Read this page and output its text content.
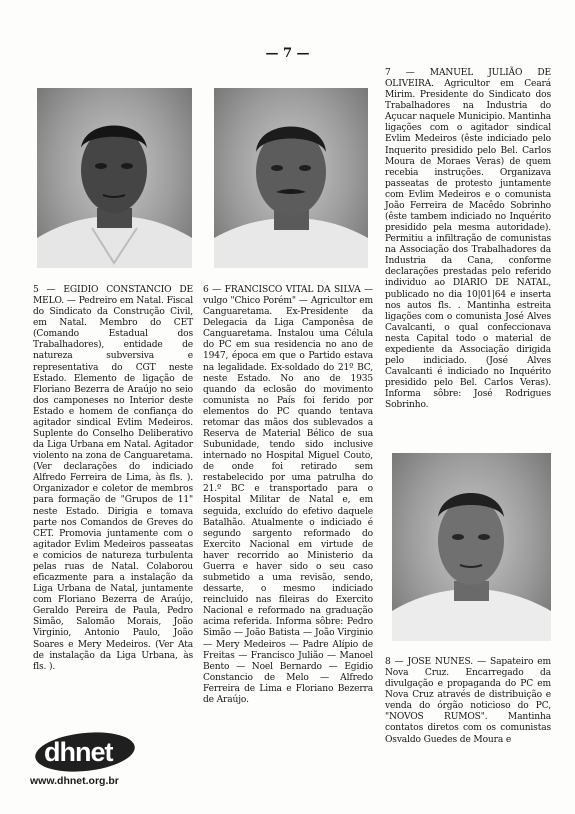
— 7 —

5 — EGIDIO CONSTANCIO DE MELO. — Pedreiro em Natal. Fiscal do Sindicato da Construção Civil, em Natal. Membro do CET (Comando Estadual dos Trabalhadores), entidade de natureza subversiva e representativa do CGT neste Estado. Elemento de ligação de Floriano Bezerra de Araújo no seio dos camponeses no Interior deste Estado e homem de confiança do agitador sindical Evlim Medeiros. Suplente do Conselho Deliberativo da Liga Urbana em Natal. Agitador violento na zona de Canguaretama. (Ver declarações do indiciado Alfredo Ferreira de Lima, às fls. ). Organizador e coletor de membros para formação de "Grupos de 11" neste Estado. Dirigia e tomava parte nos Comandos de Greves do CET. Promovia juntamente com o agitador Evlim Medeiros passeatas e comicios de natureza turbulenta pelas ruas de Natal. Colaborou eficazmente para a instalação da Liga Urbana de Natal, juntamente com Floriano Bezerra de Araújo, Geraldo Pereira de Paula, Pedro Simão, Salomão Morais, João Virginio, Antonio Paulo, João Soares e Mery Medeiros. (Ver Ata de instalação da Liga Urbana, às fls. ).

6 — FRANCISCO VITAL DA SILVA — vulgo "Chico Porém" — Agricultor em Canguaretama. Ex-Presidente da Delegacia da Liga Camponêsa de Canguaretama. Instalou uma Célula do PC em sua residencia no ano de 1947, época em que o Partido estava na legalidade. Ex-soldado do 21º BC, neste Estado. No ano de 1935 quando da eclosão do movimento comunista no País foi ferido por elementos do PC quando tentava retomar das mãos dos sublevados a Reserva de Material Bélico de sua Subunidade, tendo sido inclusive internado no Hospital Miguel Couto, de onde foi retirado sem restabelecido por uma patrulha do 21.º BC e transportado para o Hospital Militar de Natal e, em seguida, excluído do efetivo daquele Batalhão. Atualmente o indiciado é segundo sargento reformado do Exercito Nacional em virtude de haver recorrido ao Ministerio da Guerra e haver sido o seu caso submetido a uma revisão, sendo, dessarte, o mesmo indiciado reincluido nas fileiras do Exercito Nacional e reformado na graduação acima referida. Informa sôbre: Pedro Simão — João Batista — João Virginio — Mery Medeiros — Padre Alípio de Freitas — Francisco Julião — Manoel Bento — Noel Bernardo — Egidio Constancio de Melo — Alfredo Ferreira de Lima e Floriano Bezerra de Araújo.

7 — MANUEL JULIÃO DE OLIVEIRA. Agricultor em Ceará Mirim. Presidente do Sindicato dos Trabalhadores na Industria do Açucar naquele Municipio. Mantinha ligações com o agitador sindical Evlim Medeiros (êste indiciado pelo Inquerito presidido pelo Bel. Carlos Moura de Moraes Veras) de quem recebia instruções. Organizava passeatas de protesto juntamente com Evlim Medeiros e o comunista João Ferreira de Macêdo Sobrinho (êste tambem indiciado no Inquérito presidido pela mesma autoridade). Permitiu a infiltração de comunistas na Associação dos Trabalhadores da Industria da Cana, conforme declarações prestadas pelo referido individuo ao DIARIO DE NATAL, publicado no dia 10|01|64 e inserta nos autos fls. . Mantinha estreita ligações com o comunista José Alves Cavalcanti, o qual confeccionava nesta Capital todo o material de expediente da Associação dirigida pelo indiciado. (José Alves Cavalcanti é indiciado no Inquérito presidido pelo Bel. Carlos Veras). Informa sôbre: José Rodrigues Sobrinho.

8 — JOSE NUNES. — Sapateiro em Nova Cruz. Encarregado da divulgação e propaganda do PC em Nova Cruz através de distribuição e venda do órgão noticioso do PC, "NOVOS RUMOS". Mantinha contatos diretos com os comunistas Osvaldo Guedes de Moura e

dhnet
www.dhnet.org.br
